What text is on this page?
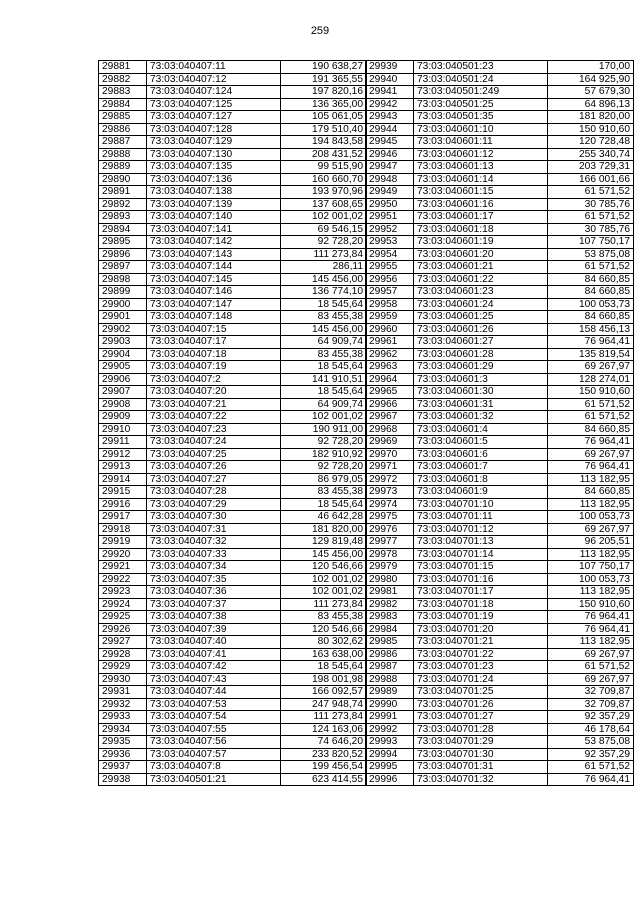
259
29881	73:03:040407:11	190 638,27
29882	73:03:040407:12	191 365,55
29883	73:03:040407:124	197 820,16
29884	73:03:040407:125	136 365,00
29885	73:03:040407:127	105 061,05
29886	73:03:040407:128	179 510,40
29887	73:03:040407:129	194 843,58
29888	73:03:040407:130	208 431,52
29889	73:03:040407:135	99 515,90
29890	73:03:040407:136	160 660,70
29891	73:03:040407:138	193 970,96
29892	73:03:040407:139	137 608,65
29893	73:03:040407:140	102 001,02
29894	73:03:040407:141	69 546,15
29895	73:03:040407:142	92 728,20
29896	73:03:040407:143	111 273,84
29897	73:03:040407:144	286,11
29898	73:03:040407:145	145 456,00
29899	73:03:040407:146	136 774,10
29900	73:03:040407:147	18 545,64
29901	73:03:040407:148	83 455,38
29902	73:03:040407:15	145 456,00
29903	73:03:040407:17	64 909,74
29904	73:03:040407:18	83 455,38
29905	73:03:040407:19	18 545,64
29906	73:03:040407:2	141 910,51
29907	73:03:040407:20	18 545,64
29908	73:03:040407:21	64 909,74
29909	73:03:040407:22	102 001,02
29910	73:03:040407:23	190 911,00
29911	73:03:040407:24	92 728,20
29912	73:03:040407:25	182 910,92
29913	73:03:040407:26	92 728,20
29914	73:03:040407:27	86 979,05
29915	73:03:040407:28	83 455,38
29916	73:03:040407:29	18 545,64
29917	73:03:040407:30	46 642,28
29918	73:03:040407:31	181 820,00
29919	73:03:040407:32	129 819,48
29920	73:03:040407:33	145 456,00
29921	73:03:040407:34	120 546,66
29922	73:03:040407:35	102 001,02
29923	73:03:040407:36	102 001,02
29924	73:03:040407:37	111 273,84
29925	73:03:040407:38	83 455,38
29926	73:03:040407:39	120 546,66
29927	73:03:040407:40	80 302,62
29928	73:03:040407:41	163 638,00
29929	73:03:040407:42	18 545,64
29930	73:03:040407:43	198 001,98
29931	73:03:040407:44	166 092,57
29932	73:03:040407:53	247 948,74
29933	73:03:040407:54	111 273,84
29934	73:03:040407:55	124 163,06
29935	73:03:040407:56	74 646,20
29936	73:03:040407:57	233 820,52
29937	73:03:040407:8	199 456,54
29938	73:03:040501:21	623 414,55
29939	73:03:040501:23	170,00
29940	73:03:040501:24	164 925,90
29941	73:03:040501:249	57 679,30
29942	73:03:040501:25	64 896,13
29943	73:03:040501:35	181 820,00
29944	73:03:040601:10	150 910,60
29945	73:03:040601:11	120 728,48
29946	73:03:040601:12	255 340,74
29947	73:03:040601:13	203 729,31
29948	73:03:040601:14	166 001,66
29949	73:03:040601:15	61 571,52
29950	73:03:040601:16	30 785,76
29951	73:03:040601:17	61 571,52
29952	73:03:040601:18	30 785,76
29953	73:03:040601:19	107 750,17
29954	73:03:040601:20	53 875,08
29955	73:03:040601:21	61 571,52
29956	73:03:040601:22	84 660,85
29957	73:03:040601:23	84 660,85
29958	73:03:040601:24	100 053,73
29959	73:03:040601:25	84 660,85
29960	73:03:040601:26	158 456,13
29961	73:03:040601:27	76 964,41
29962	73:03:040601:28	135 819,54
29963	73:03:040601:29	69 267,97
29964	73:03:040601:3	128 274,01
29965	73:03:040601:30	150 910,60
29966	73:03:040601:31	61 571,52
29967	73:03:040601:32	61 571,52
29968	73:03:040601:4	84 660,85
29969	73:03:040601:5	76 964,41
29970	73:03:040601:6	69 267,97
29971	73:03:040601:7	76 964,41
29972	73:03:040601:8	113 182,95
29973	73:03:040601:9	84 660,85
29974	73:03:040701:10	113 182,95
29975	73:03:040701:11	100 053,73
29976	73:03:040701:12	69 267,97
29977	73:03:040701:13	96 205,51
29978	73:03:040701:14	113 182,95
29979	73:03:040701:15	107 750,17
29980	73:03:040701:16	100 053,73
29981	73:03:040701:17	113 182,95
29982	73:03:040701:18	150 910,60
29983	73:03:040701:19	76 964,41
29984	73:03:040701:20	76 964,41
29985	73:03:040701:21	113 182,95
29986	73:03:040701:22	69 267,97
29987	73:03:040701:23	61 571,52
29988	73:03:040701:24	69 267,97
29989	73:03:040701:25	32 709,87
29990	73:03:040701:26	32 709,87
29991	73:03:040701:27	92 357,29
29992	73:03:040701:28	46 178,64
29993	73:03:040701:29	53 875,08
29994	73:03:040701:30	92 357,29
29995	73:03:040701:31	61 571,52
29996	73:03:040701:32	76 964,41
